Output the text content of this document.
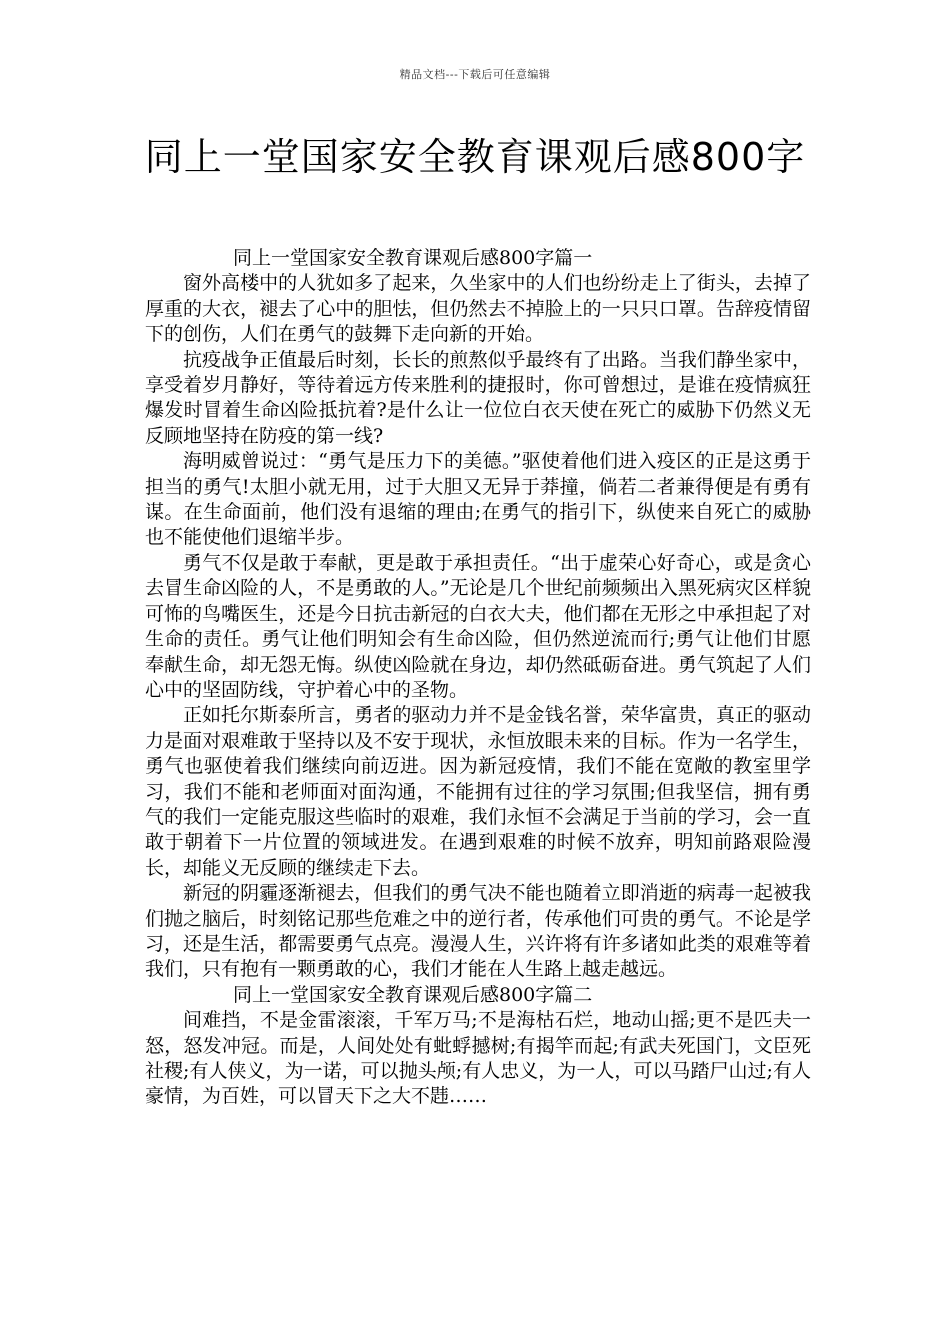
精品文档---下载后可任意编辑
同上一堂国家安全教育课观后感800字

同上一堂国家安全教育课观后感800字篇一

窗外高楼中的人犹如多了起来，久坐家中的人们也纷纷走上了街头，去掉了厚重的大衣，褪去了心中的胆怯，但仍然去不掉脸上的一只只口罩。告辞疫情留下的创伤，人们在勇气的鼓舞下走向新的开始。

抗疫战争正值最后时刻，长长的煎熬似乎最终有了出路。当我们静坐家中，享受着岁月静好，等待着远方传来胜利的捷报时，你可曾想过，是谁在疫情疯狂爆发时冒着生命凶险抵抗着?是什么让一位位白衣天使在死亡的威胁下仍然义无反顾地坚持在防疫的第一线?

海明威曾说过：“勇气是压力下的美德。”驱使着他们进入疫区的正是这勇于担当的勇气!太胆小就无用，过于大胆又无异于莽撞，倘若二者兼得便是有勇有谋。在生命面前，他们没有退缩的理由;在勇气的指引下，纵使来自死亡的威胁也不能使他们退缩半步。

勇气不仅是敢于奉献，更是敢于承担责任。“出于虚荣心好奇心，或是贪心去冒生命凶险的人，不是勇敢的人。”无论是几个世纪前频频出入黑死病灾区样貌可怖的鸟嘴医生，还是今日抗击新冠的白衣大夫，他们都在无形之中承担起了对生命的责任。勇气让他们明知会有生命凶险，但仍然逆流而行;勇气让他们甘愿奉献生命，却无怨无悔。纵使凶险就在身边，却仍然砥砺奋进。勇气筑起了人们心中的坚固防线，守护着心中的圣物。

正如托尔斯泰所言，勇者的驱动力并不是金钱名誉，荣华富贵，真正的驱动力是面对艰难敢于坚持以及不安于现状，永恒放眼未来的目标。作为一名学生，勇气也驱使着我们继续向前迈进。因为新冠疫情，我们不能在宽敞的教室里学习，我们不能和老师面对面沟通，不能拥有过往的学习氛围;但我坚信，拥有勇气的我们一定能克服这些临时的艰难，我们永恒不会满足于当前的学习，会一直敢于朝着下一片位置的领域进发。在遇到艰难的时候不放弃，明知前路艰险漫长，却能义无反顾的继续走下去。

新冠的阴霾逐渐褪去，但我们的勇气决不能也随着立即消逝的病毒一起被我们抛之脑后，时刻铭记那些危难之中的逆行者，传承他们可贵的勇气。不论是学习，还是生活，都需要勇气点亮。漫漫人生，兴许将有许多诸如此类的艰难等着我们，只有抱有一颗勇敢的心，我们才能在人生路上越走越远。

同上一堂国家安全教育课观后感800字篇二

间难挡，不是金雷滚滚，千军万马;不是海枯石烂，地动山摇;更不是匹夫一怒，怒发冲冠。而是，人间处处有蚍蜉撼树;有揭竿而起;有武夫死国门，文臣死社稷;有人侠义，为一诺，可以抛头颅;有人忠义，为一人，可以马踏尸山过;有人豪情，为百姓，可以冒天下之大不韪……
